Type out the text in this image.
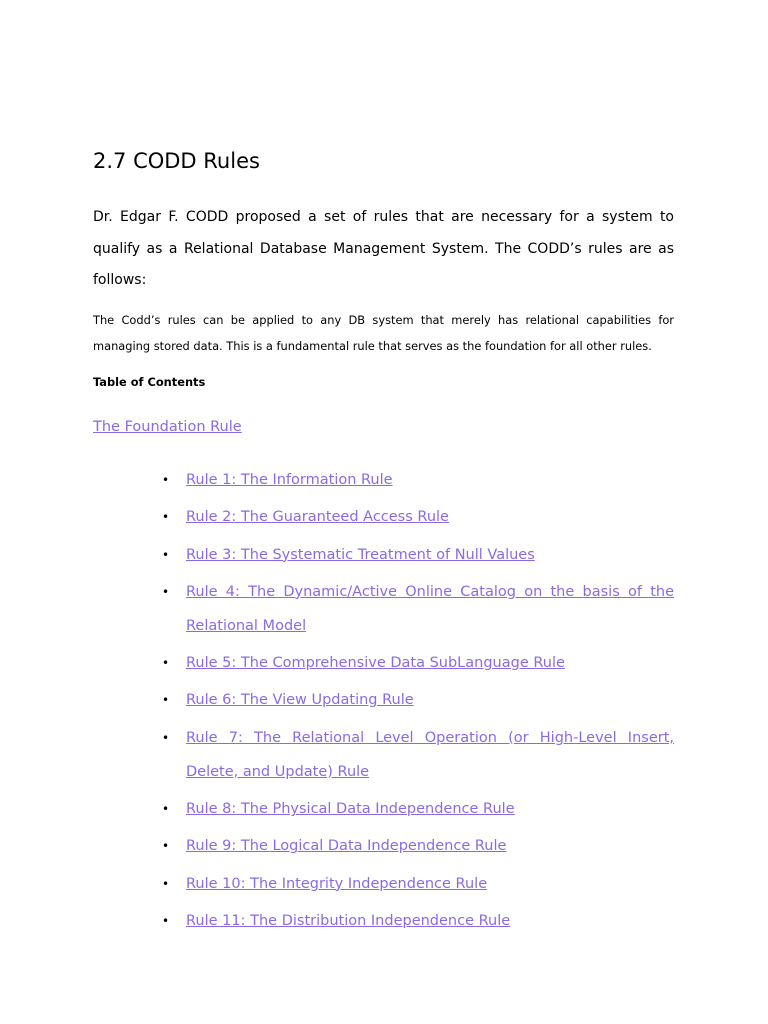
2.7 CODD Rules

Dr. Edgar F. CODD proposed a set of rules that are necessary for a system to qualify as a Relational Database Management System. The CODD’s rules are as follows:

The Codd’s rules can be applied to any DB system that merely has relational capabilities for managing stored data. This is a fundamental rule that serves as the foundation for all other rules.

Table of Contents
The Foundation Rule
• Rule 1: The Information Rule
• Rule 2: The Guaranteed Access Rule
• Rule 3: The Systematic Treatment of Null Values
• Rule 4: The Dynamic/Active Online Catalog on the basis of the Relational Model
• Rule 5: The Comprehensive Data SubLanguage Rule
• Rule 6: The View Updating Rule
• Rule 7: The Relational Level Operation (or High-Level Insert, Delete, and Update) Rule
• Rule 8: The Physical Data Independence Rule
• Rule 9: The Logical Data Independence Rule
• Rule 10: The Integrity Independence Rule
• Rule 11: The Distribution Independence Rule
